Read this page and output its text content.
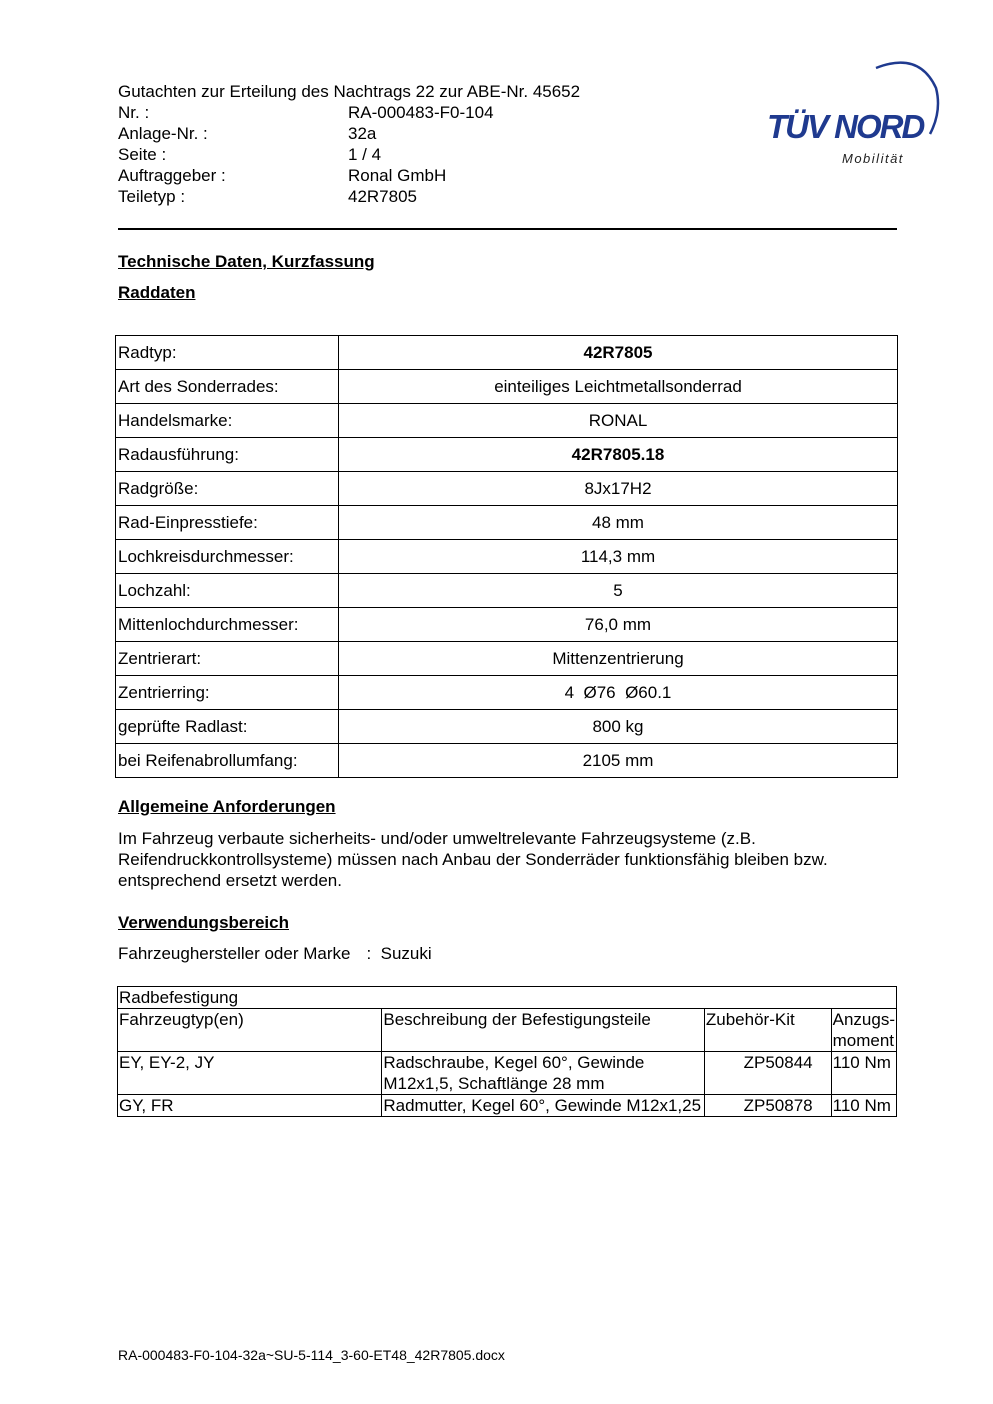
Gutachten zur Erteilung des Nachtrags 22 zur ABE-Nr. 45652
Nr. :	RA-000483-F0-104
Anlage-Nr. :	32a
Seite :	1 / 4
Auftraggeber :	Ronal GmbH
Teiletyp :	42R7805
TÜV NORD
Mobilität
Technische Daten, Kurzfassung
Raddaten
Radtyp:	42R7805
Art des Sonderrades:	einteiliges Leichtmetallsonderrad
Handelsmarke:	RONAL
Radausführung:	42R7805.18
Radgröße:	8Jx17H2
Rad-Einpresstiefe:	48 mm
Lochkreisdurchmesser:	114,3 mm
Lochzahl:	5
Mittenlochdurchmesser:	76,0 mm
Zentrierart:	Mittenzentrierung
Zentrierring:	4  Ø76  Ø60.1
geprüfte Radlast:	800 kg
bei Reifenabrollumfang:	2105 mm
Allgemeine Anforderungen
Im Fahrzeug verbaute sicherheits- und/oder umweltrelevante Fahrzeugsysteme (z.B. Reifendruckkontrollsysteme) müssen nach Anbau der Sonderräder funktionsfähig bleiben bzw. entsprechend ersetzt werden.
Verwendungsbereich
Fahrzeughersteller oder Marke : Suzuki
Radbefestigung			
Fahrzeugtyp(en)	Beschreibung der Befestigungsteile	Zubehör-Kit	Anzugs-
moment
EY, EY-2, JY	Radschraube, Kegel 60°, Gewinde M12x1,5, Schaftlänge 28 mm	ZP50844	110 Nm
GY, FR	Radmutter, Kegel 60°, Gewinde M12x1,25	ZP50878	110 Nm
RA-000483-F0-104-32a~SU-5-114_3-60-ET48_42R7805.docx
